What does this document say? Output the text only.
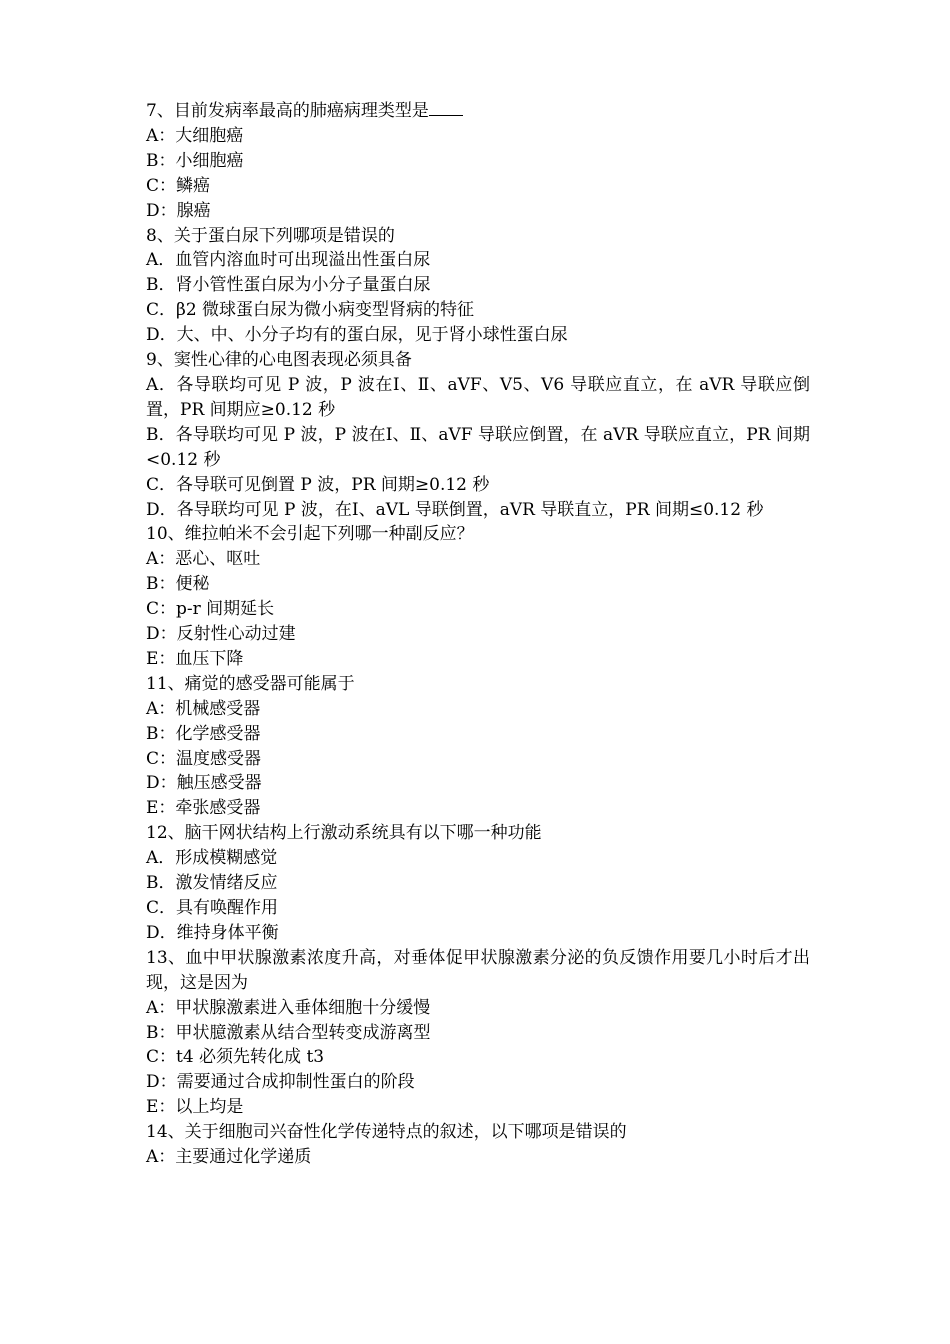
7、目前发病率最高的肺癌病理类型是

A：大细胞癌

B：小细胞癌

C：鳞癌

D：腺癌

8、关于蛋白尿下列哪项是错误的

A．血管内溶血时可出现溢出性蛋白尿

B．肾小管性蛋白尿为小分子量蛋白尿

C．β2 微球蛋白尿为微小病变型肾病的特征

D．大、中、小分子均有的蛋白尿，见于肾小球性蛋白尿

9、窦性心律的心电图表现必须具备

A．各导联均可见 P 波，P 波在Ⅰ、Ⅱ、aVF、V5、V6 导联应直立，在 aVR 导联应倒置，PR 间期应≥0.12 秒

B．各导联均可见 P 波，P 波在Ⅰ、Ⅱ、aVF 导联应倒置，在 aVR 导联应直立，PR 间期<0.12 秒

C．各导联可见倒置 P 波，PR 间期≥0.12 秒

D．各导联均可见 P 波，在Ⅰ、aVL 导联倒置，aVR 导联直立，PR 间期≤0.12 秒

10、维拉帕米不会引起下列哪一种副反应？

A：恶心、呕吐

B：便秘

C：p-r 间期延长

D：反射性心动过建

E：血压下降

11、痛觉的感受器可能属于

A：机械感受器

B：化学感受器

C：温度感受器

D：触压感受器

E：牵张感受器

12、脑干网状结构上行激动系统具有以下哪一种功能

A．形成模糊感觉

B．激发情绪反应

C．具有唤醒作用

D．维持身体平衡

13、血中甲状腺激素浓度升高，对垂体促甲状腺激素分泌的负反馈作用要几小时后才出现，这是因为

A：甲状腺激素进入垂体细胞十分缓慢

B：甲状臆激素从结合型转变成游离型

C：t4 必须先转化成 t3

D：需要通过合成抑制性蛋白的阶段

E：以上均是

14、关于细胞司兴奋性化学传递特点的叙述，以下哪项是错误的

A：主要通过化学递质
